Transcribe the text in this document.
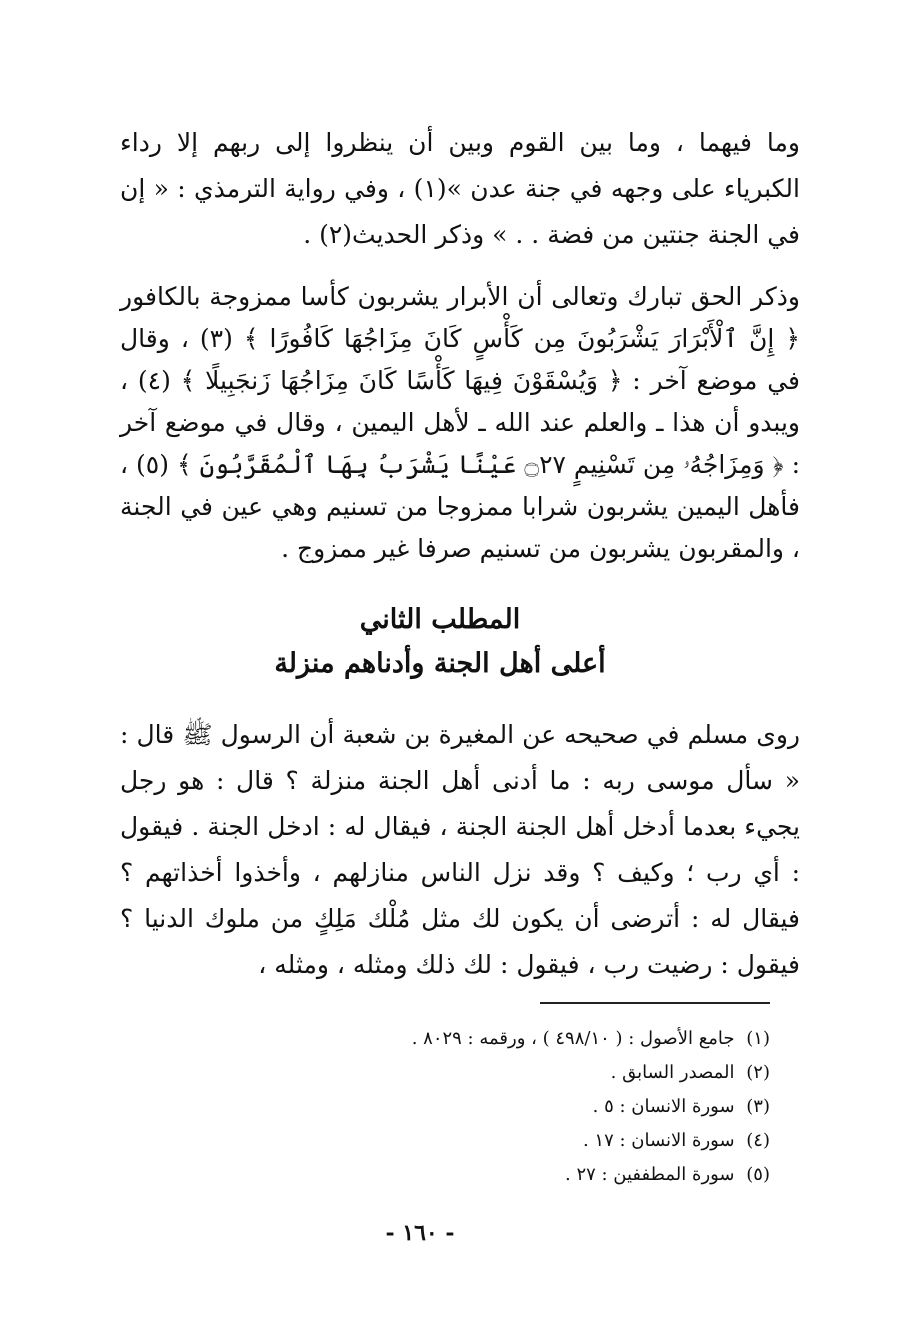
وما فيهما ، وما بين القوم وبين أن ينظروا إلى ربهم إلا رداء الكبرياء على وجهه في جنة عدن »(١) ، وفي رواية الترمذي : « إن في الجنة جنتين من فضة . . » وذكر الحديث(٢) .

وذكر الحق تبارك وتعالى أن الأبرار يشربون كأسا ممزوجة بالكافور ﴿ إِنَّ ٱلْأَبْرَارَ يَشْرَبُونَ مِن كَأْسٍ كَانَ مِزَاجُهَا كَافُورًا ﴾ (٣) ، وقال في موضع آخر : ﴿ وَيُسْقَوْنَ فِيهَا كَأْسًا كَانَ مِزَاجُهَا زَنجَبِيلًا ﴾ (٤) ، ويبدو أن هذا ـ والعلم عند الله ـ لأهل اليمين ، وقال في موضع آخر : ﴿ وَمِزَاجُهُۥ مِن تَسْنِيمٍ ۝٢٧ عَيْنًا يَشْرَبُ بِهَا ٱلْمُقَرَّبُونَ ﴾ (٥) ، فأهل اليمين يشربون شرابا ممزوجا من تسنيم وهي عين في الجنة ، والمقربون يشربون من تسنيم صرفا غير ممزوج .

المطلب الثاني
أعلى أهل الجنة وأدناهم منزلة

روى مسلم في صحيحه عن المغيرة بن شعبة أن الرسول ﷺ قال : « سأل موسى ربه : ما أدنى أهل الجنة منزلة ؟ قال : هو رجل يجيء بعدما أدخل أهل الجنة الجنة ، فيقال له : ادخل الجنة . فيقول : أي رب ؛ وكيف ؟ وقد نزل الناس منازلهم ، وأخذوا أخذاتهم ؟ فيقال له : أترضى أن يكون لك مثل مُلْك مَلِكٍ من ملوك الدنيا ؟ فيقول : رضيت رب ، فيقول : لك ذلك ومثله ، ومثله ،

(١) جامع الأصول : ( ٤٩٨/١٠ ) ، ورقمه : ٨٠٢٩ .
(٢) المصدر السابق .
(٣) سورة الانسان : ٥ .
(٤) سورة الانسان : ١٧ .
(٥) سورة المطففين : ٢٧ .
- ١٦٠ -
